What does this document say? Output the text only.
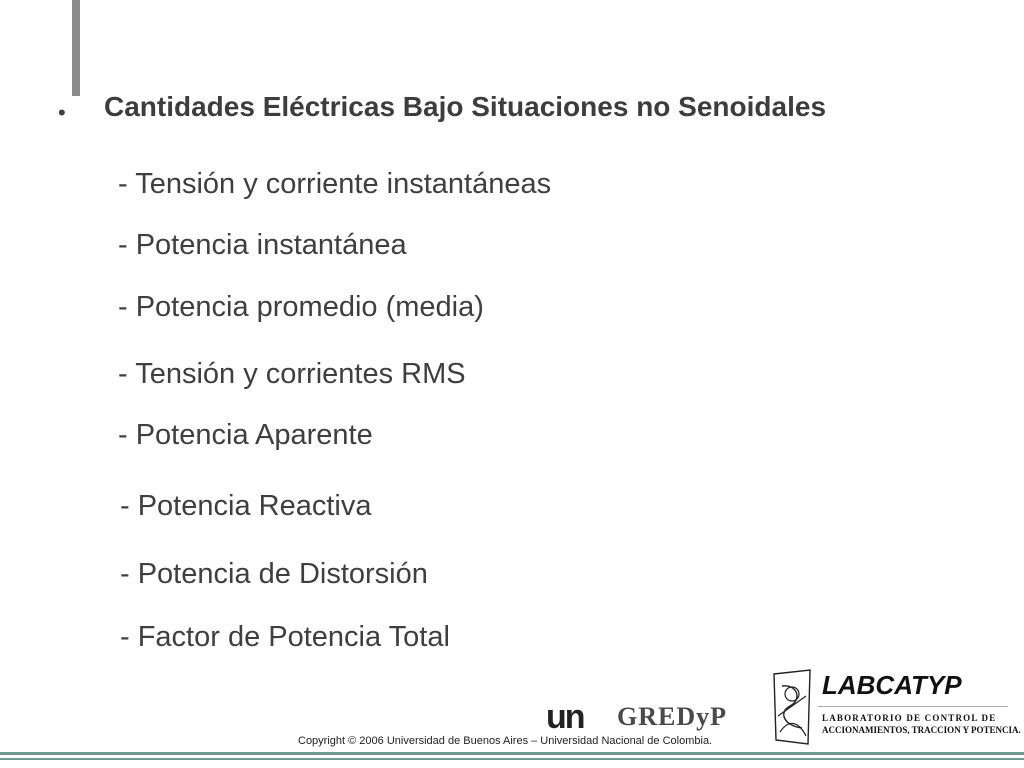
• Cantidades Eléctricas Bajo Situaciones no Senoidales
- Tensión y corriente instantáneas
- Potencia instantánea
- Potencia promedio (media)
- Tensión y corrientes RMS
- Potencia Aparente
- Potencia Reactiva
- Potencia de Distorsión
- Factor de Potencia Total
un GREDyP
Copyright © 2006 Universidad de Buenos Aires – Universidad Nacional de Colombia.
LABCATYP
LABORATORIO DE CONTROL DE
ACCIONAMIENTOS, TRACCION Y POTENCIA.
